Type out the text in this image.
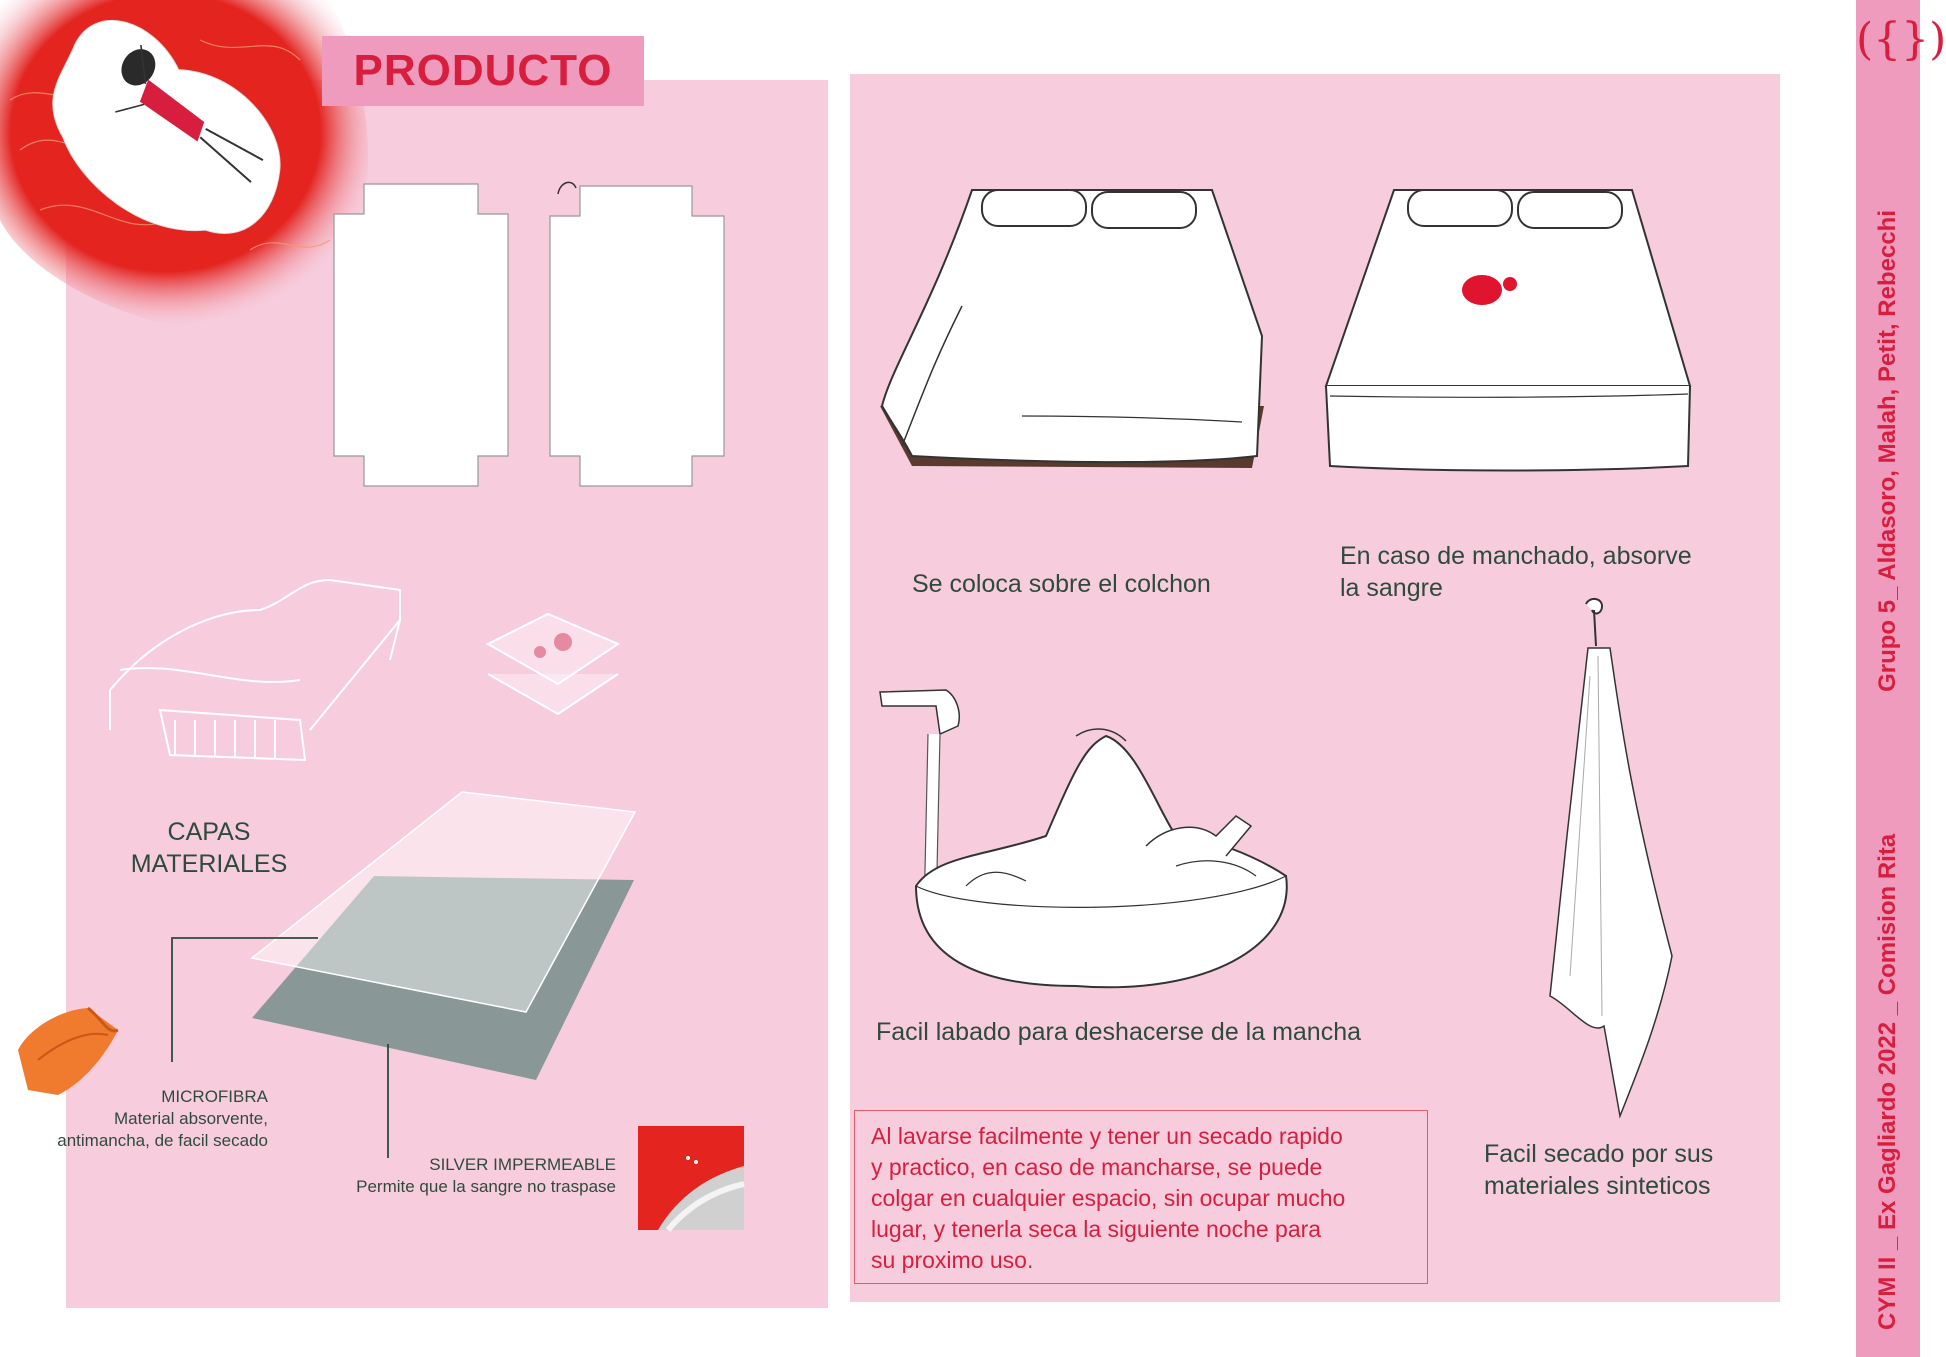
PRODUCTO
({})
CYM II _ Ex Gagliardo 2022 _ Comision Rita
Grupo 5_ Aldasoro, Malah, Petit, Rebecchi
CAPAS
MATERIALES
MICROFIBRA
Material absorvente,
antimancha, de facil secado
SILVER IMPERMEABLE
Permite que la sangre no traspase
Se coloca sobre el colchon
En caso de manchado, absorve
la sangre
Facil labado para deshacerse de la mancha
Facil secado por sus
materiales sinteticos
Al lavarse facilmente y tener un secado rapido
y practico, en caso de mancharse, se puede
colgar en cualquier espacio, sin ocupar mucho
lugar, y tenerla seca la siguiente noche para
su proximo uso.
